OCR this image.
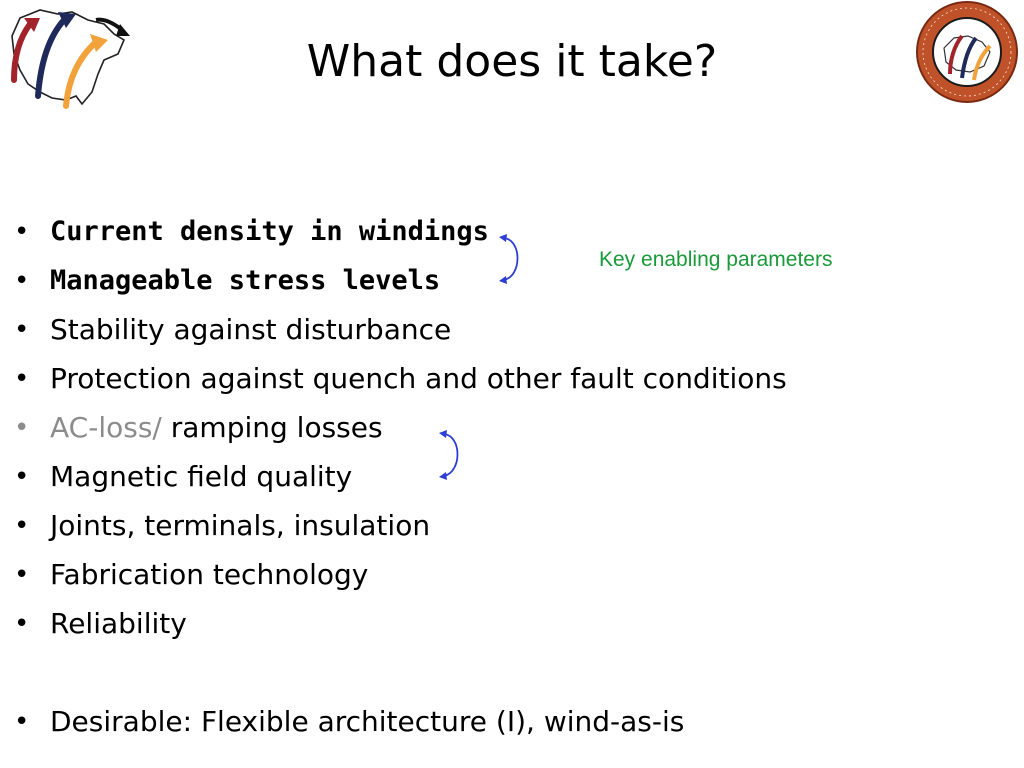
What does it take?
Key enabling parameters
• Current density in windings
• Manageable stress levels
• Stability against disturbance
• Protection against quench and other fault conditions
• AC-loss/ ramping losses
• Magnetic field quality
• Joints, terminals, insulation
• Fabrication technology
• Reliability
• Desirable: Flexible architecture (I), wind-as-is
